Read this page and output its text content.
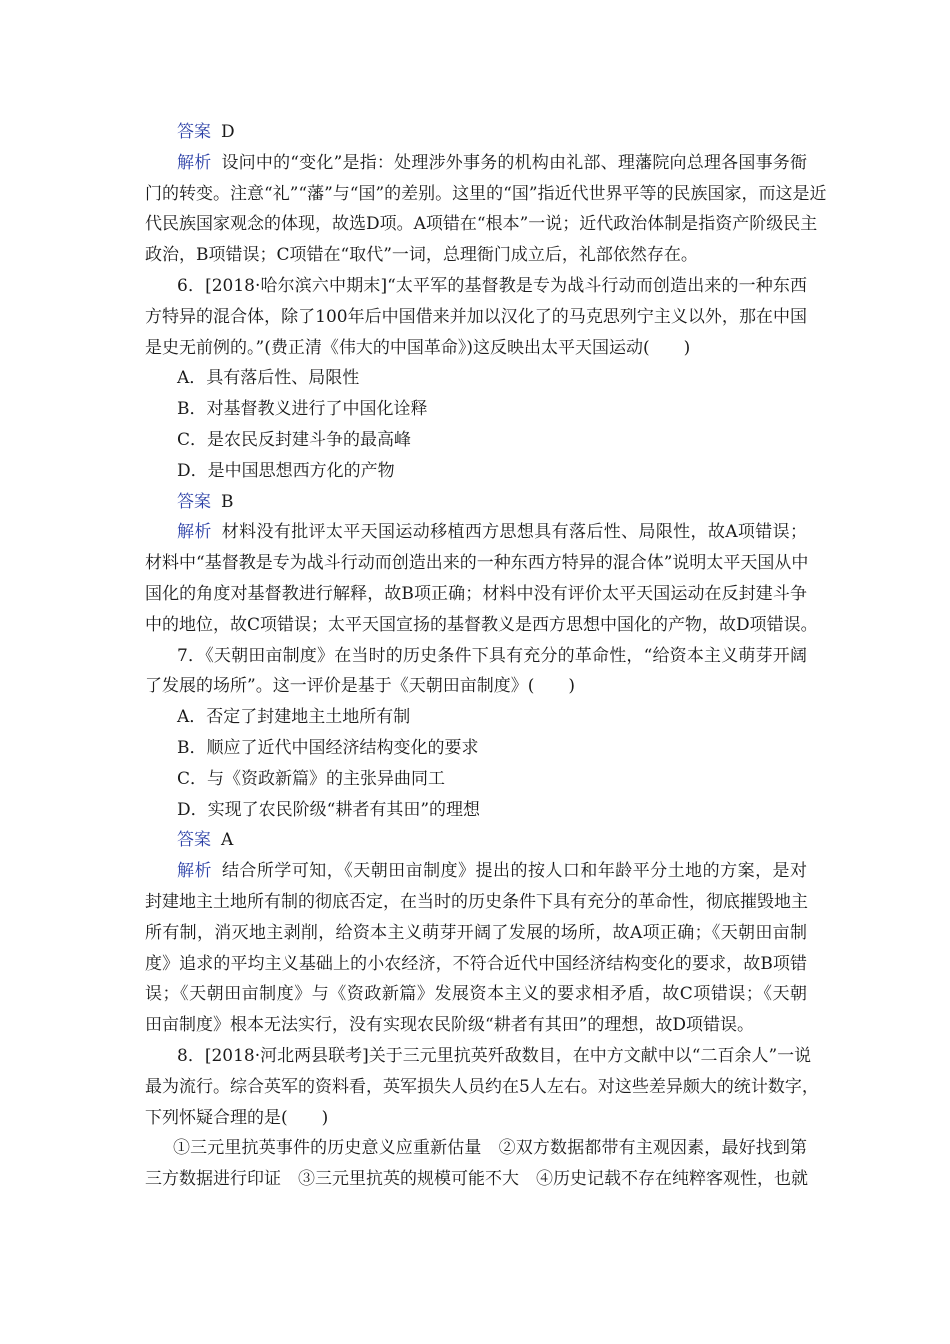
答案 D
解析 设问中的“变化”是指：处理涉外事务的机构由礼部、理藩院向总理各国事务衙
门的转变。注意“礼”“藩”与“国”的差别。这里的“国”指近代世界平等的民族国家，而这是近
代民族国家观念的体现，故选D项。A项错在“根本”一说；近代政治体制是指资产阶级民主
政治，B项错误；C项错在“取代”一词，总理衙门成立后，礼部依然存在。
6．[2018·哈尔滨六中期末]“太平军的基督教是专为战斗行动而创造出来的一种东西
方特异的混合体，除了100年后中国借来并加以汉化了的马克思列宁主义以外，那在中国
是史无前例的。”(费正清《伟大的中国革命》)这反映出太平天国运动(　　)
A．具有落后性、局限性
B．对基督教义进行了中国化诠释
C．是农民反封建斗争的最高峰
D．是中国思想西方化的产物
答案 B
解析 材料没有批评太平天国运动移植西方思想具有落后性、局限性，故A项错误；
材料中“基督教是专为战斗行动而创造出来的一种东西方特异的混合体”说明太平天国从中
国化的角度对基督教进行解释，故B项正确；材料中没有评价太平天国运动在反封建斗争
中的地位，故C项错误；太平天国宣扬的基督教义是西方思想中国化的产物，故D项错误。
7．《天朝田亩制度》在当时的历史条件下具有充分的革命性，“给资本主义萌芽开阔
了发展的场所”。这一评价是基于《天朝田亩制度》(　　)
A．否定了封建地主土地所有制
B．顺应了近代中国经济结构变化的要求
C．与《资政新篇》的主张异曲同工
D．实现了农民阶级“耕者有其田”的理想
答案 A
解析 结合所学可知，《天朝田亩制度》提出的按人口和年龄平分土地的方案，是对
封建地主土地所有制的彻底否定，在当时的历史条件下具有充分的革命性，彻底摧毁地主
所有制，消灭地主剥削，给资本主义萌芽开阔了发展的场所，故A项正确；《天朝田亩制
度》追求的平均主义基础上的小农经济，不符合近代中国经济结构变化的要求，故B项错
误；《天朝田亩制度》与《资政新篇》发展资本主义的要求相矛盾，故C项错误；《天朝
田亩制度》根本无法实行，没有实现农民阶级“耕者有其田”的理想，故D项错误。
8．[2018·河北两县联考]关于三元里抗英歼敌数目，在中方文献中以“二百余人”一说
最为流行。综合英军的资料看，英军损失人员约在5人左右。对这些差异颇大的统计数字，
下列怀疑合理的是(　　)
①三元里抗英事件的历史意义应重新估量　②双方数据都带有主观因素，最好找到第
三方数据进行印证　③三元里抗英的规模可能不大　④历史记载不存在纯粹客观性，也就
